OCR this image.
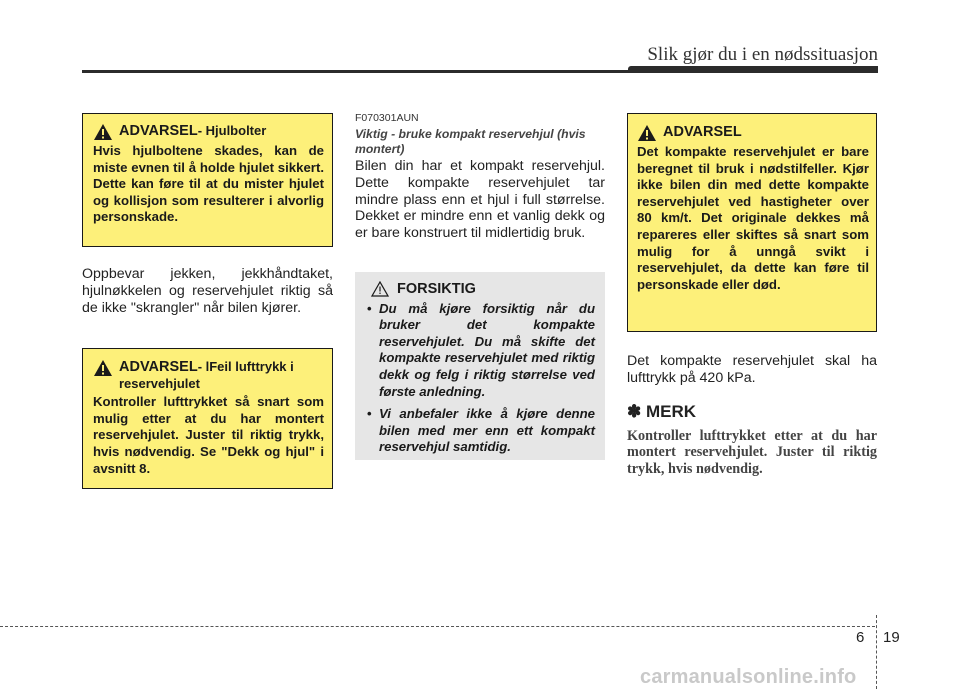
Slik gjør du i en nødssituasjon
ADVARSEL- Hjulbolter
Hvis hjulboltene skades, kan de miste evnen til å holde hjulet sikkert. Dette kan føre til at du mister hjulet og kollisjon som resulterer i alvorlig personskade.
Oppbevar jekken, jekkhåndtaket, hjulnøkkelen og reservehjulet riktig så de ikke "skrangler" når bilen kjører.
ADVARSEL- lFeil lufttrykk i reservehjulet
Kontroller lufttrykket så snart som mulig etter at du har montert reservehjulet. Juster til riktig trykk, hvis nødvendig. Se "Dekk og hjul" i avsnitt 8.
F070301AUN
Viktig - bruke kompakt reservehjul (hvis montert)
Bilen din har et kompakt reservehjul. Dette kompakte reservehjulet tar mindre plass enn et hjul i full størrelse. Dekket er mindre enn et vanlig dekk og er bare konstruert til midlertidig bruk.
FORSIKTIG
• Du må kjøre forsiktig når du bruker det kompakte reservehjulet. Du må skifte det kompakte reservehjulet med riktig dekk og felg i riktig størrelse ved første anledning.
• Vi anbefaler ikke å kjøre denne bilen med mer enn ett kompakt reservehjul samtidig.
ADVARSEL
Det kompakte reservehjulet er bare beregnet til bruk i nødstilfeller. Kjør ikke bilen din med dette kompakte reservehjulet ved hastigheter over 80 km/t. Det originale dekkes må repareres eller skiftes så snart som mulig for å unngå svikt i reservehjulet, da dette kan føre til personskade eller død.
Det kompakte reservehjulet skal ha lufttrykk på 420 kPa.
✽ MERK
Kontroller lufttrykket etter at du har montert reservehjulet. Juster til riktig trykk, hvis nødvendig.
6 19
carmanualsonline.info
